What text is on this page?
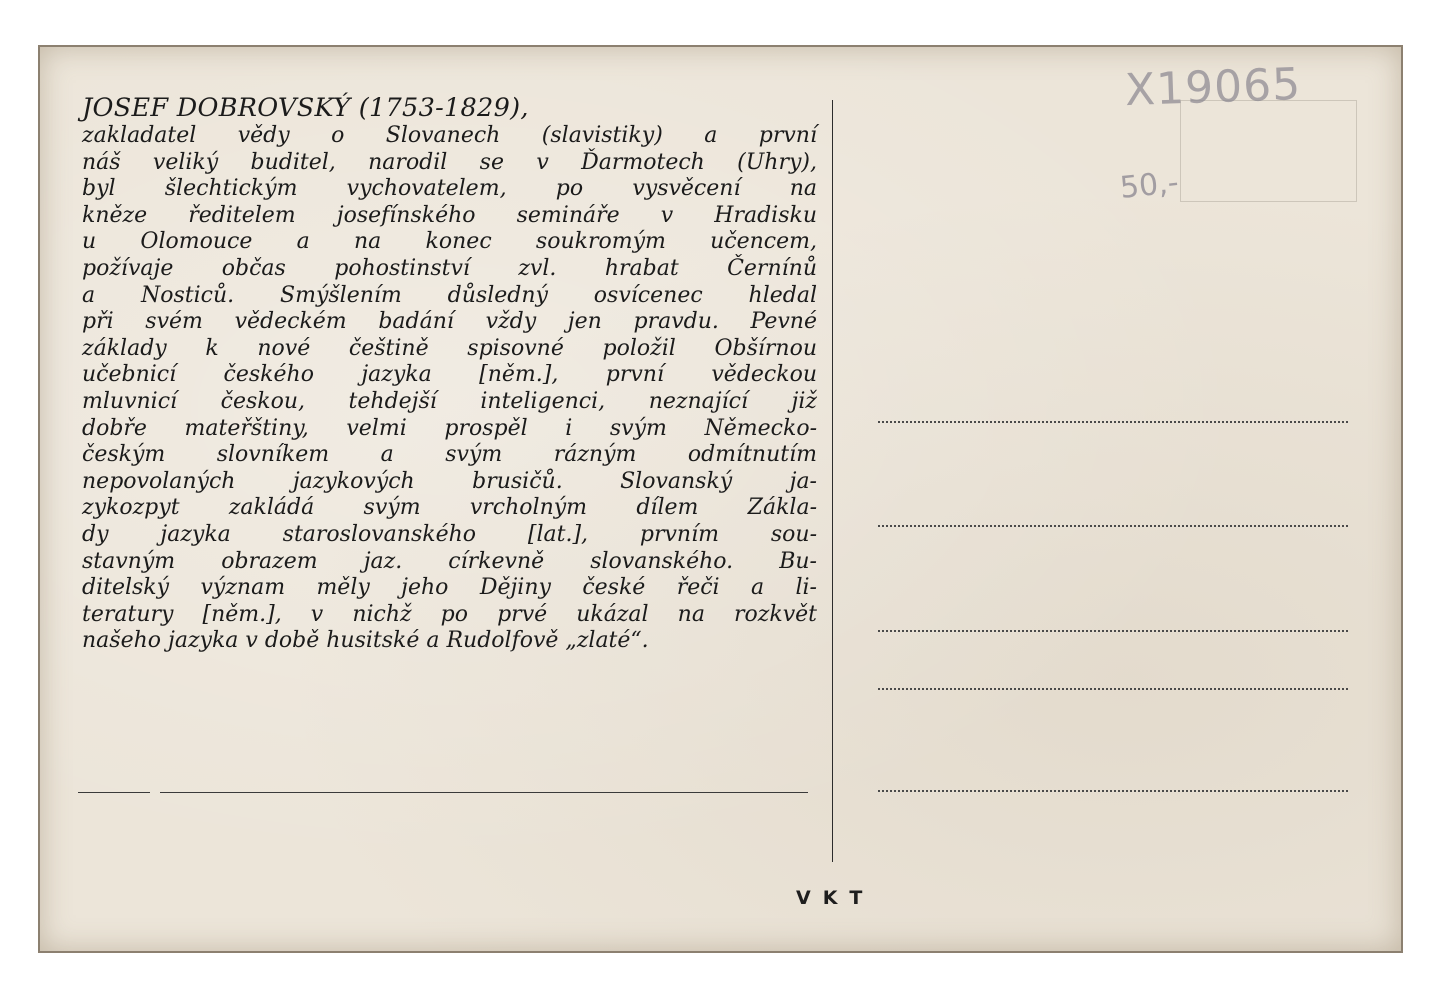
JOSEF DOBROVSKÝ (1753-1829),
zakladatel vědy o Slovanech (slavistiky) a první
náš veliký buditel, narodil se v Ďarmotech (Uhry),
byl šlechtickým vychovatelem, po vysvěcení na
kněze ředitelem josefínského semináře v Hradisku
u Olomouce a na konec soukromým učencem,
požívaje občas pohostinství zvl. hrabat Černínů
a Nosticů. Smýšlením důsledný osvícenec hledal
při svém vědeckém badání vždy jen pravdu. Pevné
základy k nové češtině spisovné položil Obšírnou
učebnicí českého jazyka [něm.], první vědeckou
mluvnicí českou, tehdejší inteligenci, neznající již
dobře mateřštiny, velmi prospěl i svým Německo-
českým slovníkem a svým rázným odmítnutím
nepovolaných jazykových brusičů. Slovanský ja-
zykozpyt zakládá svým vrcholným dílem Zákla-
dy jazyka staroslovanského [lat.], prvním sou-
stavným obrazem jaz. církevně slovanského. Bu-
ditelský význam měly jeho Dějiny české řeči a li-
teratury [něm.], v nichž po prvé ukázal na rozkvět
našeho jazyka v době husitské a Rudolfově „zlaté“.
VKT
X19065
50,-
